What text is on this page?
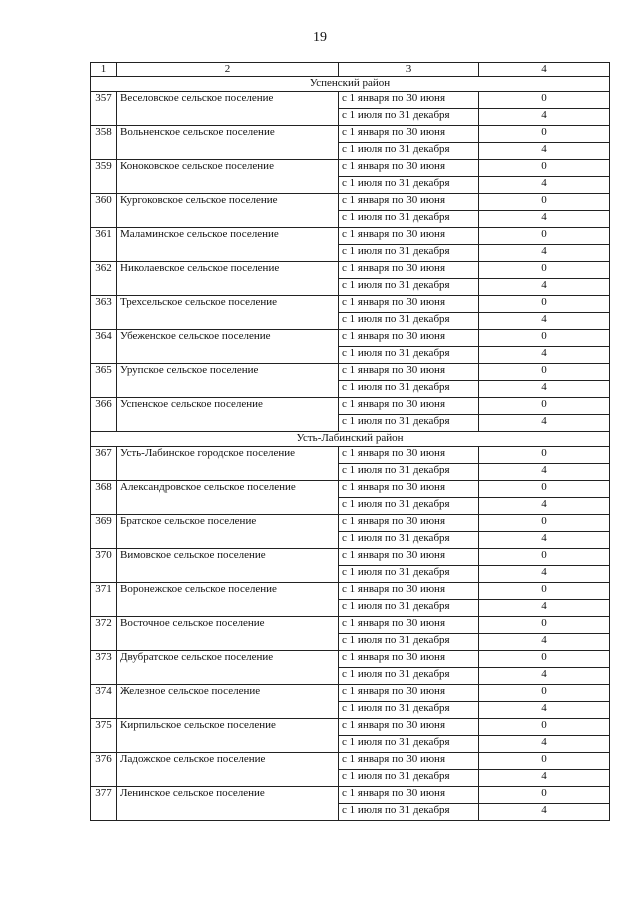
19
1	2	3	4
Успенский район			
357	Веселовское сельское поселение	с 1 января по 30 июня	0
		с 1 июля по 31 декабря	4
358	Вольненское сельское поселение	с 1 января по 30 июня	0
		с 1 июля по 31 декабря	4
359	Коноковское сельское поселение	с 1 января по 30 июня	0
		с 1 июля по 31 декабря	4
360	Кургоковское сельское поселение	с 1 января по 30 июня	0
		с 1 июля по 31 декабря	4
361	Маламинское сельское поселение	с 1 января по 30 июня	0
		с 1 июля по 31 декабря	4
362	Николаевское сельское поселение	с 1 января по 30 июня	0
		с 1 июля по 31 декабря	4
363	Трехсельское сельское поселение	с 1 января по 30 июня	0
		с 1 июля по 31 декабря	4
364	Убеженское сельское поселение	с 1 января по 30 июня	0
		с 1 июля по 31 декабря	4
365	Урупское сельское поселение	с 1 января по 30 июня	0
		с 1 июля по 31 декабря	4
366	Успенское сельское поселение	с 1 января по 30 июня	0
		с 1 июля по 31 декабря	4
Усть-Лабинский район			
367	Усть-Лабинское городское поселение	с 1 января по 30 июня	0
		с 1 июля по 31 декабря	4
368	Александровское сельское поселение	с 1 января по 30 июня	0
		с 1 июля по 31 декабря	4
369	Братское сельское поселение	с 1 января по 30 июня	0
		с 1 июля по 31 декабря	4
370	Вимовское сельское поселение	с 1 января по 30 июня	0
		с 1 июля по 31 декабря	4
371	Воронежское сельское поселение	с 1 января по 30 июня	0
		с 1 июля по 31 декабря	4
372	Восточное сельское поселение	с 1 января по 30 июня	0
		с 1 июля по 31 декабря	4
373	Двубратское сельское поселение	с 1 января по 30 июня	0
		с 1 июля по 31 декабря	4
374	Железное сельское поселение	с 1 января по 30 июня	0
		с 1 июля по 31 декабря	4
375	Кирпильское сельское поселение	с 1 января по 30 июня	0
		с 1 июля по 31 декабря	4
376	Ладожское сельское поселение	с 1 января по 30 июня	0
		с 1 июля по 31 декабря	4
377	Ленинское сельское поселение	с 1 января по 30 июня	0
		с 1 июля по 31 декабря	4
